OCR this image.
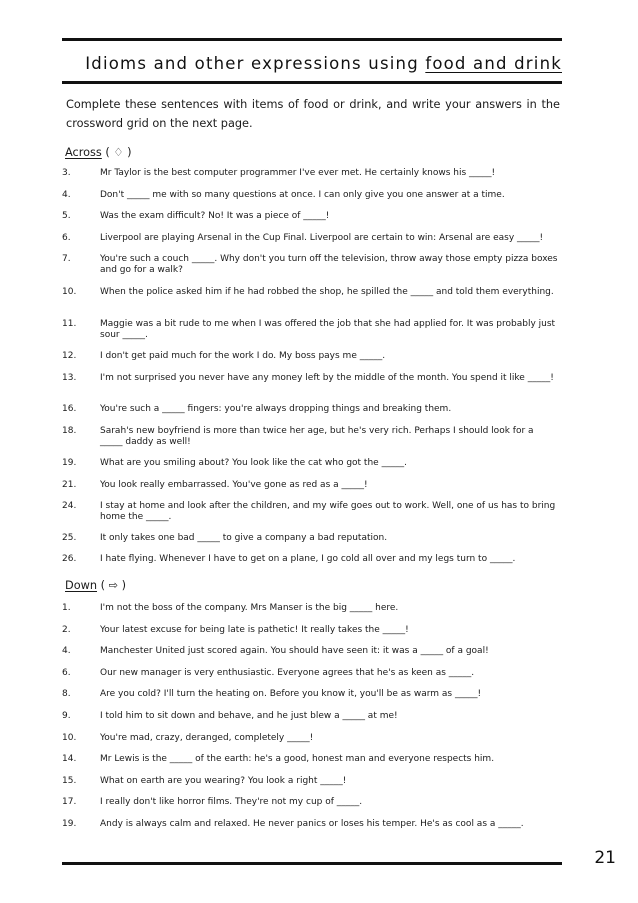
Idioms and other expressions using food and drink
Complete these sentences with items of food or drink, and write your answers in the crossword grid on the next page.
Across ( ♢ )
3.	Mr Taylor is the best computer programmer I've ever met. He certainly knows his _____!
4.	Don't _____ me with so many questions at once. I can only give you one answer at a time.
5.	Was the exam difficult? No! It was a piece of _____!
6.	Liverpool are playing Arsenal in the Cup Final. Liverpool are certain to win: Arsenal are easy _____!
7.	You're such a couch _____. Why don't you turn off the television, throw away those empty pizza boxes and go for a walk?
10.	When the police asked him if he had robbed the shop, he spilled the _____ and told them everything.
11.	Maggie was a bit rude to me when I was offered the job that she had applied for. It was probably just sour _____.
12.	I don't get paid much for the work I do. My boss pays me _____.
13.	I'm not surprised you never have any money left by the middle of the month. You spend it like _____!
16.	You're such a _____ fingers: you're always dropping things and breaking them.
18.	Sarah's new boyfriend is more than twice her age, but he's very rich. Perhaps I should look for a _____ daddy as well!
19.	What are you smiling about? You look like the cat who got the _____.
21.	You look really embarrassed. You've gone as red as a _____!
24.	I stay at home and look after the children, and my wife goes out to work. Well, one of us has to bring home the _____.
25.	It only takes one bad _____ to give a company a bad reputation.
26.	I hate flying. Whenever I have to get on a plane, I go cold all over and my legs turn to _____.
Down ( ⇨ )
1.	I'm not the boss of the company. Mrs Manser is the big _____ here.
2.	Your latest excuse for being late is pathetic! It really takes the _____!
4.	Manchester United just scored again. You should have seen it: it was a _____ of a goal!
6.	Our new manager is very enthusiastic. Everyone agrees that he's as keen as _____.
8.	Are you cold? I'll turn the heating on. Before you know it, you'll be as warm as _____!
9.	I told him to sit down and behave, and he just blew a _____ at me!
10.	You're mad, crazy, deranged, completely _____!
14.	Mr Lewis is the _____ of the earth: he's a good, honest man and everyone respects him.
15.	What on earth are you wearing? You look a right _____!
17.	I really don't like horror films. They're not my cup of _____.
19.	Andy is always calm and relaxed. He never panics or loses his temper. He's as cool as a _____.
21
